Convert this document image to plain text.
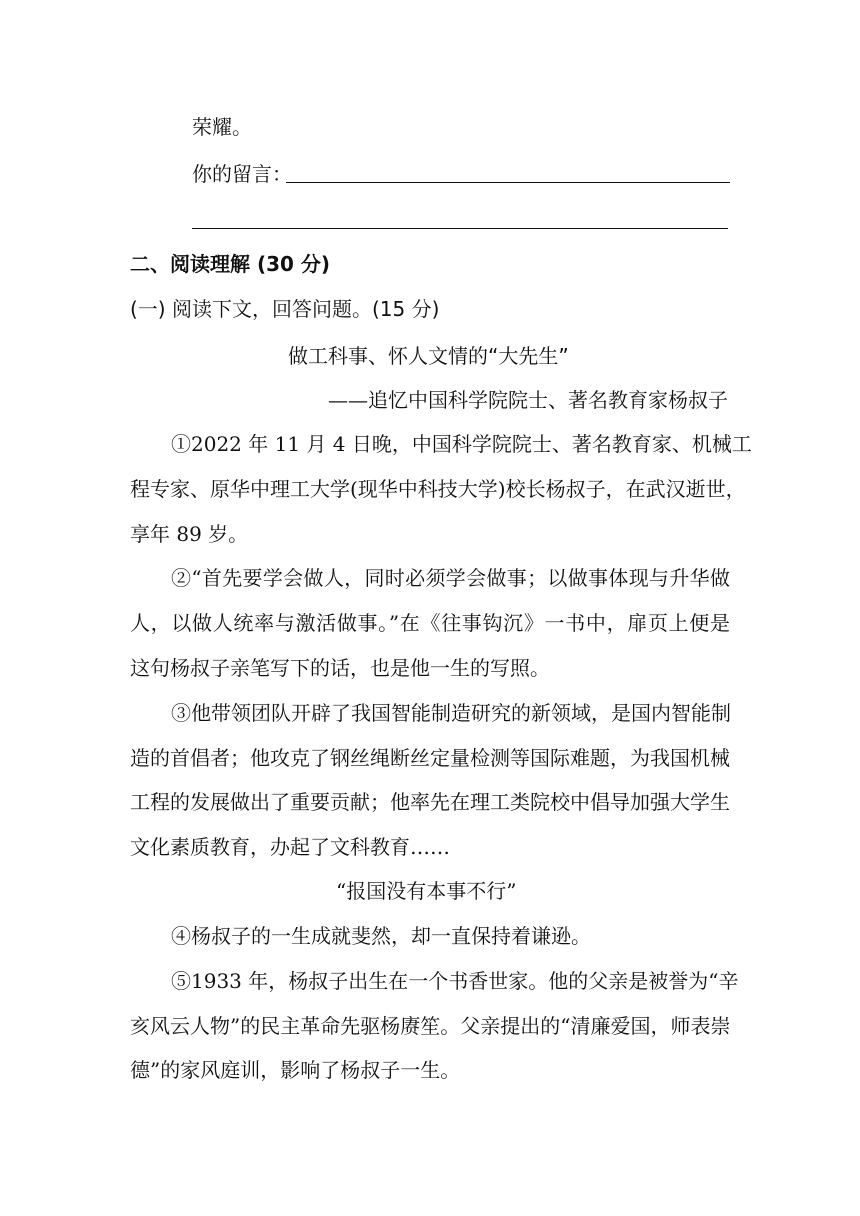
荣耀。
你的留言：
二、阅读理解 (30 分)
(一) 阅读下文，回答问题。(15 分)
做工科事、怀人文情的“大先生”
——追忆中国科学院院士、著名教育家杨叔子
①2022 年 11 月 4 日晚，中国科学院院士、著名教育家、机械工
程专家、原华中理工大学(现华中科技大学)校长杨叔子，在武汉逝世，
享年 89 岁。
②“首先要学会做人，同时必须学会做事；以做事体现与升华做
人，以做人统率与激活做事。”在《往事钩沉》一书中，扉页上便是
这句杨叔子亲笔写下的话，也是他一生的写照。
③他带领团队开辟了我国智能制造研究的新领域，是国内智能制
造的首倡者；他攻克了钢丝绳断丝定量检测等国际难题，为我国机械
工程的发展做出了重要贡献；他率先在理工类院校中倡导加强大学生
文化素质教育，办起了文科教育……
“报国没有本事不行”
④杨叔子的一生成就斐然，却一直保持着谦逊。
⑤1933 年，杨叔子出生在一个书香世家。他的父亲是被誉为“辛
亥风云人物”的民主革命先驱杨赓笙。父亲提出的“清廉爱国，师表崇
德”的家风庭训，影响了杨叔子一生。
